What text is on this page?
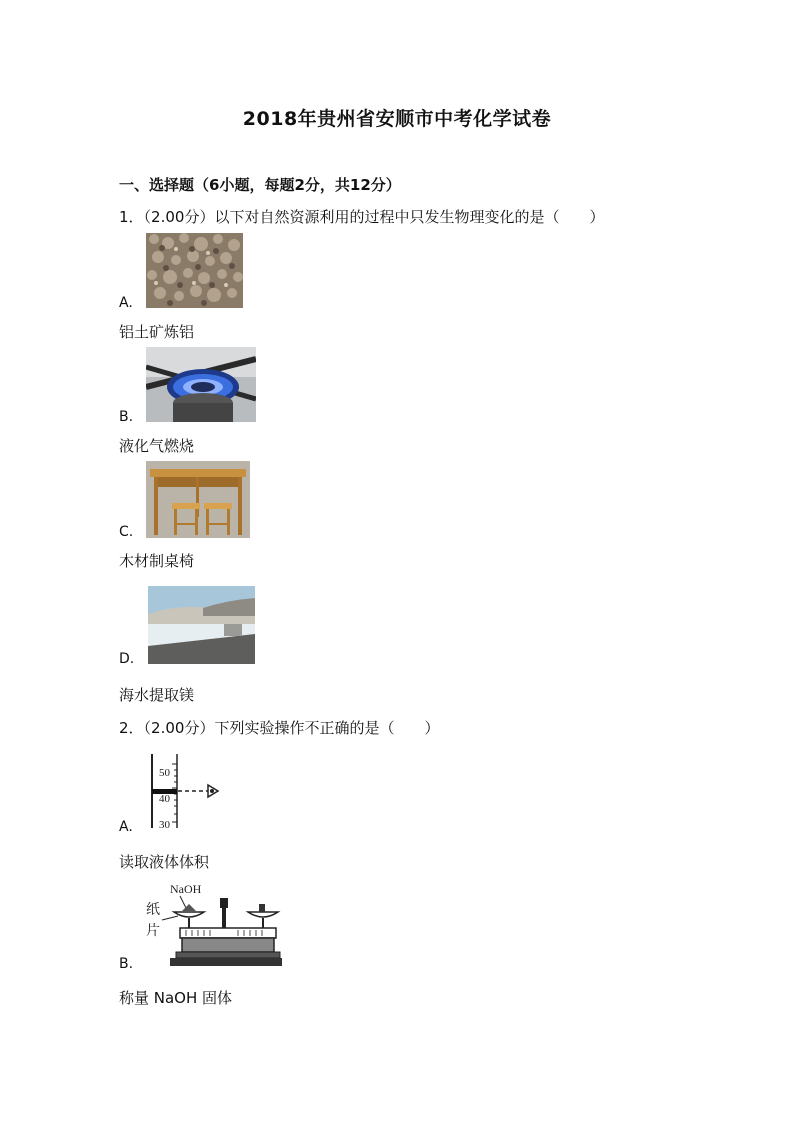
2018年贵州省安顺市中考化学试卷
一、选择题（6小题，每题2分，共12分）
1．（2.00分）以下对自然资源利用的过程中只发生物理变化的是（　　）
A.
铝土矿炼铝
B.
液化气燃烧
C.
木材制桌椅
D.
海水提取镁
2．（2.00分）下列实验操作不正确的是（　　）
50
40
30
A.
读取液体体积
NaOH
纸
片
B.
称量 NaOH 固体
